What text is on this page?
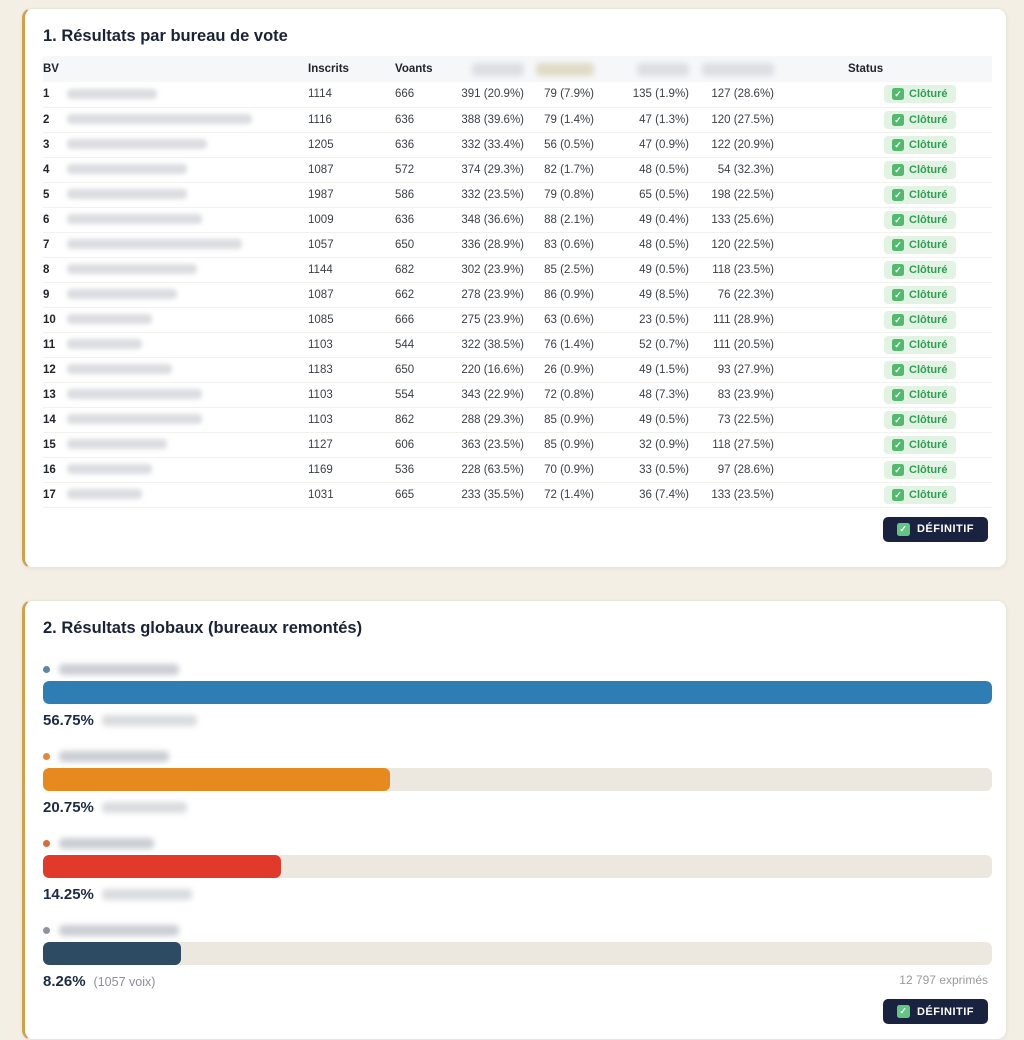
1. Résultats par bureau de vote
BV		Inscrits	Voants					Status
1		1114	666	391 (20.9%)	79 (7.9%)	135 (1.9%)	127 (28.6%)	✓ Clôturé

2		1116	636	388 (39.6%)	79 (1.4%)	47 (1.3%)	120 (27.5%)	✓ Clôturé

3		1205	636	332 (33.4%)	56 (0.5%)	47 (0.9%)	122 (20.9%)	✓ Clôturé

4		1087	572	374 (29.3%)	82 (1.7%)	48 (0.5%)	54 (32.3%)	✓ Clôturé

5		1987	586	332 (23.5%)	79 (0.8%)	65 (0.5%)	198 (22.5%)	✓ Clôturé

6		1009	636	348 (36.6%)	88 (2.1%)	49 (0.4%)	133 (25.6%)	✓ Clôturé

7		1057	650	336 (28.9%)	83 (0.6%)	48 (0.5%)	120 (22.5%)	✓ Clôturé

8		1144	682	302 (23.9%)	85 (2.5%)	49 (0.5%)	118 (23.5%)	✓ Clôturé

9		1087	662	278 (23.9%)	86 (0.9%)	49 (8.5%)	76 (22.3%)	✓ Clôturé

10		1085	666	275 (23.9%)	63 (0.6%)	23 (0.5%)	111 (28.9%)	✓ Clôturé

11		1103	544	322 (38.5%)	76 (1.4%)	52 (0.7%)	111 (20.5%)	✓ Clôturé

12		1183	650	220 (16.6%)	26 (0.9%)	49 (1.5%)	93 (27.9%)	✓ Clôturé

13		1103	554	343 (22.9%)	72 (0.8%)	48 (7.3%)	83 (23.9%)	✓ Clôturé

14		1103	862	288 (29.3%)	85 (0.9%)	49 (0.5%)	73 (22.5%)	✓ Clôturé

15		1127	606	363 (23.5%)	85 (0.9%)	32 (0.9%)	118 (27.5%)	✓ Clôturé

16		1169	536	228 (63.5%)	70 (0.9%)	33 (0.5%)	97 (28.6%)	✓ Clôturé

17		1031	665	233 (35.5%)	72 (1.4%)	36 (7.4%)	133 (23.5%)	✓ Clôturé
✓ DÉFINITIF
2. Résultats globaux (bureaux remontés)
56.75%
20.75%
14.25%
8.26% (1057 voix)	12 797 exprimés
✓ DÉFINITIF
